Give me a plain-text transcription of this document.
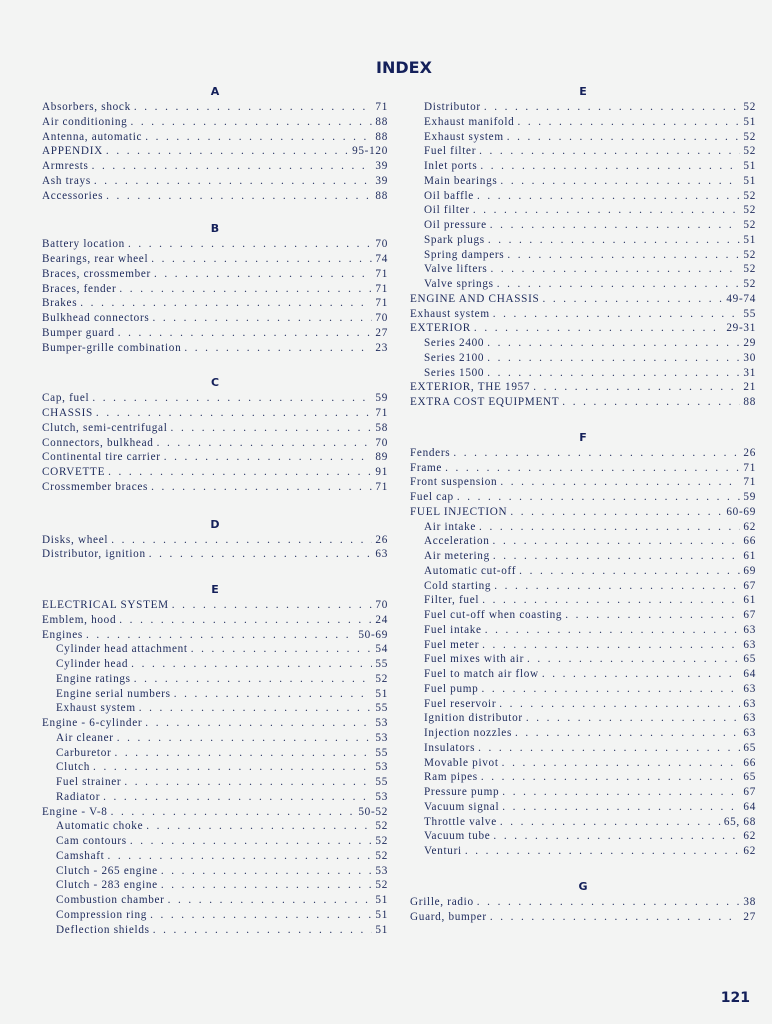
INDEX
A
Absorbers, shock . . .	71
Air conditioning . . .	88
Antenna, automatic . . .	88
APPENDIX . . .	95-120
Armrests . . .	39
Ash trays . . .	39
Accessories . . .	88
B
Battery location . . .	70
Bearings, rear wheel . . .	74
Braces, crossmember . . .	71
Braces, fender . . .	71
Brakes . . .	71
Bulkhead connectors . . .	70
Bumper guard . . .	27
Bumper-grille combination . . .	23
C
Cap, fuel . . .	59
CHASSIS . . .	71
Clutch, semi-centrifugal . . .	58
Connectors, bulkhead . . .	70
Continental tire carrier . . .	89
CORVETTE . . .	91
Crossmember braces . . .	71
D
Disks, wheel . . .	26
Distributor, ignition . . .	63
E
ELECTRICAL SYSTEM . . .	70
Emblem, hood . . .	24
Engines . . .	50-69
Cylinder head attachment . . .	54
Cylinder head . . .	55
Engine ratings . . .	52
Engine serial numbers . . .	51
Exhaust system . . .	55
Engine - 6-cylinder . . .	53
Air cleaner . . .	53
Carburetor . . .	55
Clutch . . .	53
Fuel strainer . . .	55
Radiator . . .	53
Engine - V-8 . . .	50-52
Automatic choke . . .	52
Cam contours . . .	52
Camshaft . . .	52
Clutch - 265 engine . . .	53
Clutch - 283 engine . . .	52
Combustion chamber . . .	51
Compression ring . . .	51
Deflection shields . . .	51
E
Distributor . . .	52
Exhaust manifold . . .	51
Exhaust system . . .	52
Fuel filter . . .	52
Inlet ports . . .	51
Main bearings . . .	51
Oil baffle . . .	52
Oil filter . . .	52
Oil pressure . . .	52
Spark plugs . . .	51
Spring dampers . . .	52
Valve lifters . . .	52
Valve springs . . .	52
ENGINE AND CHASSIS . . .	49-74
Exhaust system . . .	55
EXTERIOR . . .	29-31
Series 2400 . . .	29
Series 2100 . . .	30
Series 1500 . . .	31
EXTERIOR, THE 1957 . . .	21
EXTRA COST EQUIPMENT . . .	88
F
Fenders . . .	26
Frame . . .	71
Front suspension . . .	71
Fuel cap . . .	59
FUEL INJECTION . . .	60-69
Air intake . . .	62
Acceleration . . .	66
Air metering . . .	61
Automatic cut-off . . .	69
Cold starting . . .	67
Filter, fuel . . .	61
Fuel cut-off when coasting . . .	67
Fuel intake . . .	63
Fuel meter . . .	63
Fuel mixes with air . . .	65
Fuel to match air flow . . .	64
Fuel pump . . .	63
Fuel reservoir . . .	63
Ignition distributor . . .	63
Injection nozzles . . .	63
Insulators . . .	65
Movable pivot . . .	66
Ram pipes . . .	65
Pressure pump . . .	67
Vacuum signal . . .	64
Throttle valve . . .	65, 68
Vacuum tube . . .	62
Venturi . . .	62
G
Grille, radio . . .	38
Guard, bumper . . .	27
121
